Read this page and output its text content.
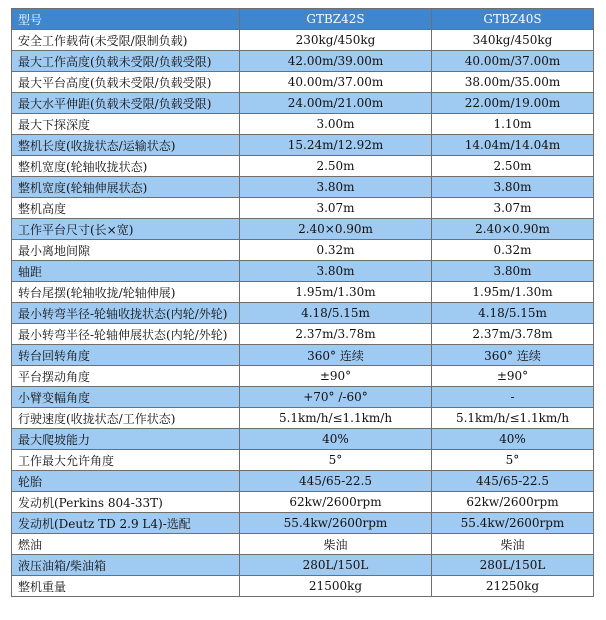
型号	GTBZ42S	GTBZ40S
安全工作载荷(未受限/限制负载)	230kg/450kg	340kg/450kg
最大工作高度(负载未受限/负载受限)	42.00m/39.00m	40.00m/37.00m
最大平台高度(负载未受限/负载受限)	40.00m/37.00m	38.00m/35.00m
最大水平伸距(负载未受限/负载受限)	24.00m/21.00m	22.00m/19.00m
最大下探深度	3.00m	1.10m
整机长度(收拢状态/运输状态)	15.24m/12.92m	14.04m/14.04m
整机宽度(轮轴收拢状态)	2.50m	2.50m
整机宽度(轮轴伸展状态)	3.80m	3.80m
整机高度	3.07m	3.07m
工作平台尺寸(长×宽)	2.40×0.90m	2.40×0.90m
最小离地间隙	0.32m	0.32m
轴距	3.80m	3.80m
转台尾摆(轮轴收拢/轮轴伸展)	1.95m/1.30m	1.95m/1.30m
最小转弯半径-轮轴收拢状态(内轮/外轮)	4.18/5.15m	4.18/5.15m
最小转弯半径-轮轴伸展状态(内轮/外轮)	2.37m/3.78m	2.37m/3.78m
转台回转角度	360° 连续	360° 连续
平台摆动角度	±90°	±90°
小臂变幅角度	+70° /-60°	-
行驶速度(收拢状态/工作状态)	5.1km/h/≤1.1km/h	5.1km/h/≤1.1km/h
最大爬坡能力	40%	40%
工作最大允许角度	5°	5°
轮胎	445/65-22.5	445/65-22.5
发动机(Perkins 804-33T)	62kw/2600rpm	62kw/2600rpm
发动机(Deutz TD 2.9 L4)-选配	55.4kw/2600rpm	55.4kw/2600rpm
燃油	柴油	柴油
液压油箱/柴油箱	280L/150L	280L/150L
整机重量	21500kg	21250kg
